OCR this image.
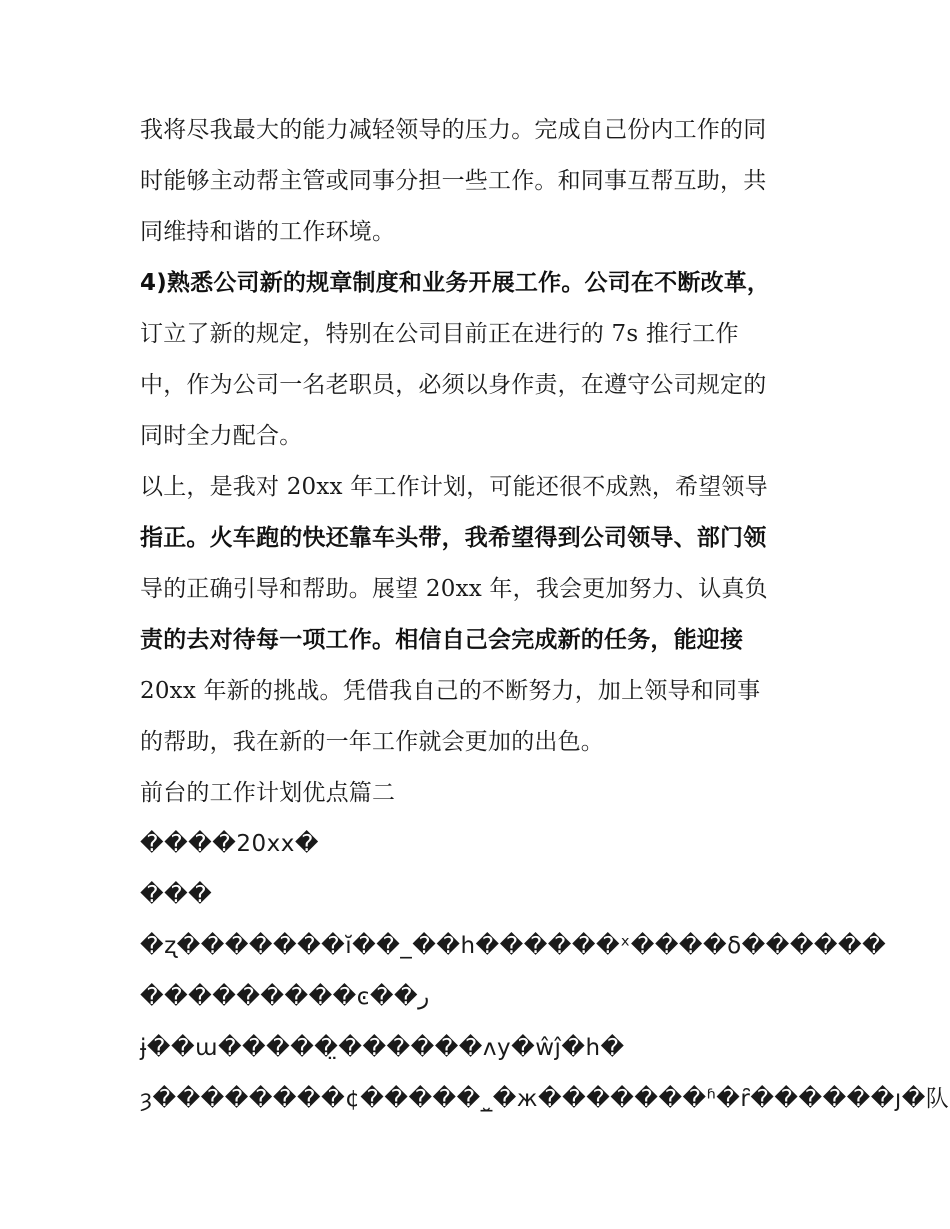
我将尽我最大的能力减轻领导的压力。完成自己份内工作的同
时能够主动帮主管或同事分担一些工作。和同事互帮互助，共
同维持和谐的工作环境。
4)熟悉公司新的规章制度和业务开展工作。公司在不断改革，
订立了新的规定，特别在公司目前正在进行的 7s 推行工作
中，作为公司一名老职员，必须以身作责，在遵守公司规定的
同时全力配合。
以上，是我对 20xx 年工作计划，可能还很不成熟，希望领导
指正。火车跑的快还靠车头带，我希望得到公司领导、部门领
导的正确引导和帮助。展望 20xx 年，我会更加努力、认真负
责的去对待每一项工作。相信自己会完成新的任务，能迎接
20xx 年新的挑战。凭借我自己的不断努力，加上领导和同事
的帮助，我在新的一年工作就会更加的出色。
前台的工作计划优点篇二
����20xx�
���
�ʐ�������ĭ��_��h������ˣ����δ������
���������ͼ��ر
ɉ��ɯ�����̤������ʌy�ŵĵ�h�
ȝ��������¢�����_̮�ж�������ʱ�ȓ������ȷ�队
